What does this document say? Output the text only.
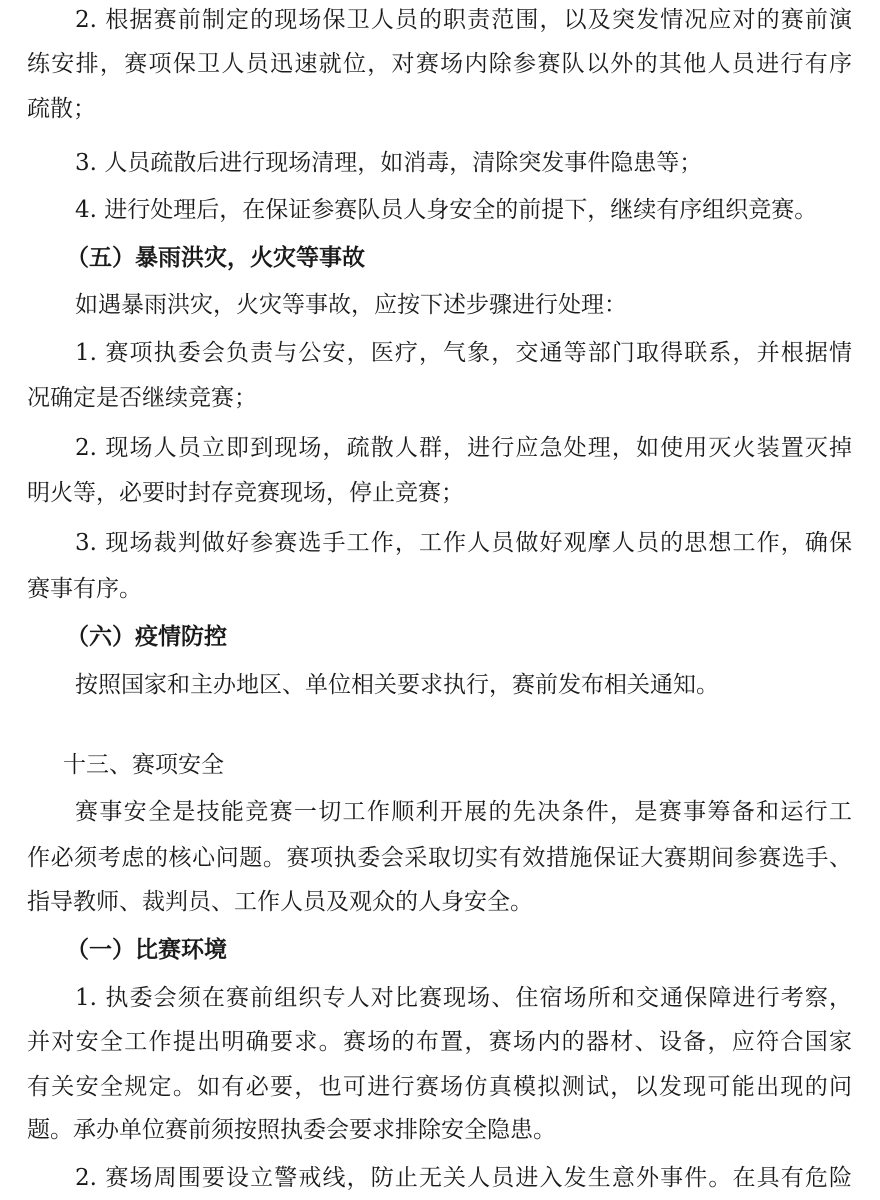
2. 根据赛前制定的现场保卫人员的职责范围，以及突发情况应对的赛前演
练安排，赛项保卫人员迅速就位，对赛场内除参赛队以外的其他人员进行有序
疏散；
3. 人员疏散后进行现场清理，如消毒，清除突发事件隐患等；
4. 进行处理后，在保证参赛队员人身安全的前提下，继续有序组织竞赛。
（五）暴雨洪灾，火灾等事故
如遇暴雨洪灾，火灾等事故，应按下述步骤进行处理：
1. 赛项执委会负责与公安，医疗，气象，交通等部门取得联系，并根据情
况确定是否继续竞赛；
2. 现场人员立即到现场，疏散人群，进行应急处理，如使用灭火装置灭掉
明火等，必要时封存竞赛现场，停止竞赛；
3. 现场裁判做好参赛选手工作，工作人员做好观摩人员的思想工作，确保
赛事有序。
（六）疫情防控
按照国家和主办地区、单位相关要求执行，赛前发布相关通知。
十三、赛项安全
赛事安全是技能竞赛一切工作顺利开展的先决条件，是赛事筹备和运行工
作必须考虑的核心问题。赛项执委会采取切实有效措施保证大赛期间参赛选手、
指导教师、裁判员、工作人员及观众的人身安全。
（一）比赛环境
1. 执委会须在赛前组织专人对比赛现场、住宿场所和交通保障进行考察，
并对安全工作提出明确要求。赛场的布置，赛场内的器材、设备，应符合国家
有关安全规定。如有必要，也可进行赛场仿真模拟测试，以发现可能出现的问
题。承办单位赛前须按照执委会要求排除安全隐患。
2. 赛场周围要设立警戒线，防止无关人员进入发生意外事件。在具有危险
